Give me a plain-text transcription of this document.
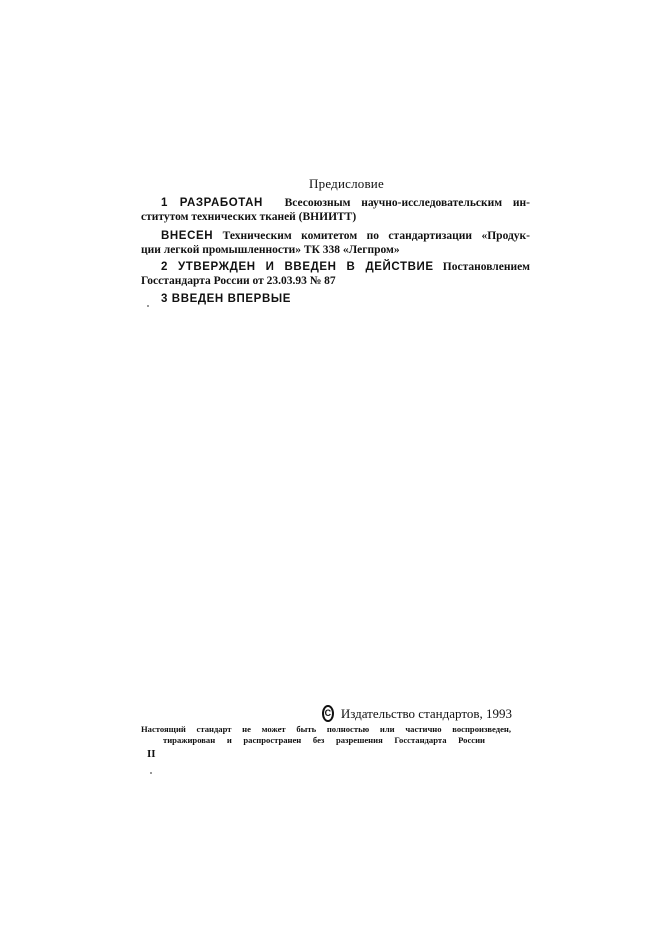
Предисловие
1 РАЗРАБОТАН Всесоюзным научно-исследовательским ин-
ститутом технических тканей (ВНИИТТ)
ВНЕСЕН Техническим комитетом по стандартизации «Продук-
ции легкой промышленности» ТК 338 «Легпром»
2 УТВЕРЖДЕН И ВВЕДЕН В ДЕЙСТВИЕ Постановлением
Госстандарта России от 23.03.93 № 87
3 ВВЕДЕН ВПЕРВЫЕ
C Издательство стандартов, 1993
Настоящий стандарт не может быть полностью или частично воспроизведен,
тиражирован и распространен без разрешения Госстандарта России
II
